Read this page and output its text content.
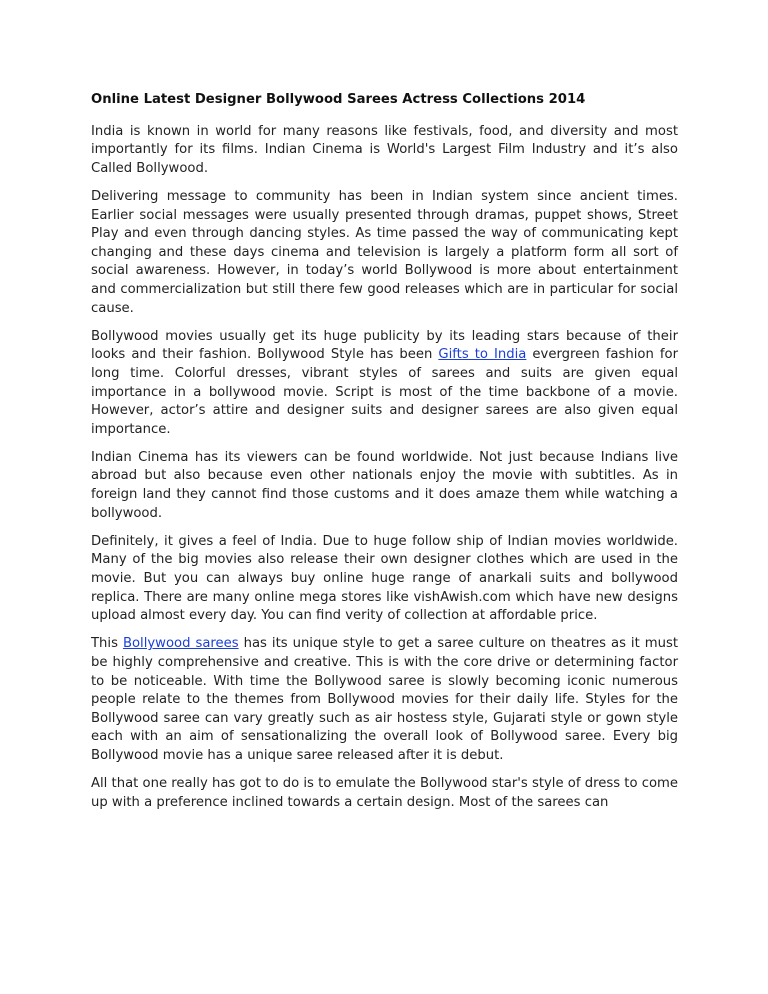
Online Latest Designer Bollywood Sarees Actress Collections 2014

India is known in world for many reasons like festivals, food, and diversity and most importantly for its films. Indian Cinema is World's Largest Film Industry and it’s also Called Bollywood.

Delivering message to community has been in Indian system since ancient times. Earlier social messages were usually presented through dramas, puppet shows, Street Play and even through dancing styles. As time passed the way of communicating kept changing and these days cinema and television is largely a platform form all sort of social awareness. However, in today’s world Bollywood is more about entertainment and commercialization but still there few good releases which are in particular for social cause.

Bollywood movies usually get its huge publicity by its leading stars because of their looks and their fashion. Bollywood Style has been Gifts to India evergreen fashion for long time. Colorful dresses, vibrant styles of sarees and suits are given equal importance in a bollywood movie. Script is most of the time backbone of a movie. However, actor’s attire and designer suits and designer sarees are also given equal importance.

Indian Cinema has its viewers can be found worldwide. Not just because Indians live abroad but also because even other nationals enjoy the movie with subtitles. As in foreign land they cannot find those customs and it does amaze them while watching a bollywood.

Definitely, it gives a feel of India. Due to huge follow ship of Indian movies worldwide. Many of the big movies also release their own designer clothes which are used in the movie. But you can always buy online huge range of anarkali suits and bollywood replica. There are many online mega stores like vishAwish.com which have new designs upload almost every day. You can find verity of collection at affordable price.

This Bollywood sarees has its unique style to get a saree culture on theatres as it must be highly comprehensive and creative. This is with the core drive or determining factor to be noticeable. With time the Bollywood saree is slowly becoming iconic numerous people relate to the themes from Bollywood movies for their daily life. Styles for the Bollywood saree can vary greatly such as air hostess style, Gujarati style or gown style each with an aim of sensationalizing the overall look of Bollywood saree. Every big Bollywood movie has a unique saree released after it is debut.

All that one really has got to do is to emulate the Bollywood star's style of dress to come up with a preference inclined towards a certain design. Most of the sarees can
